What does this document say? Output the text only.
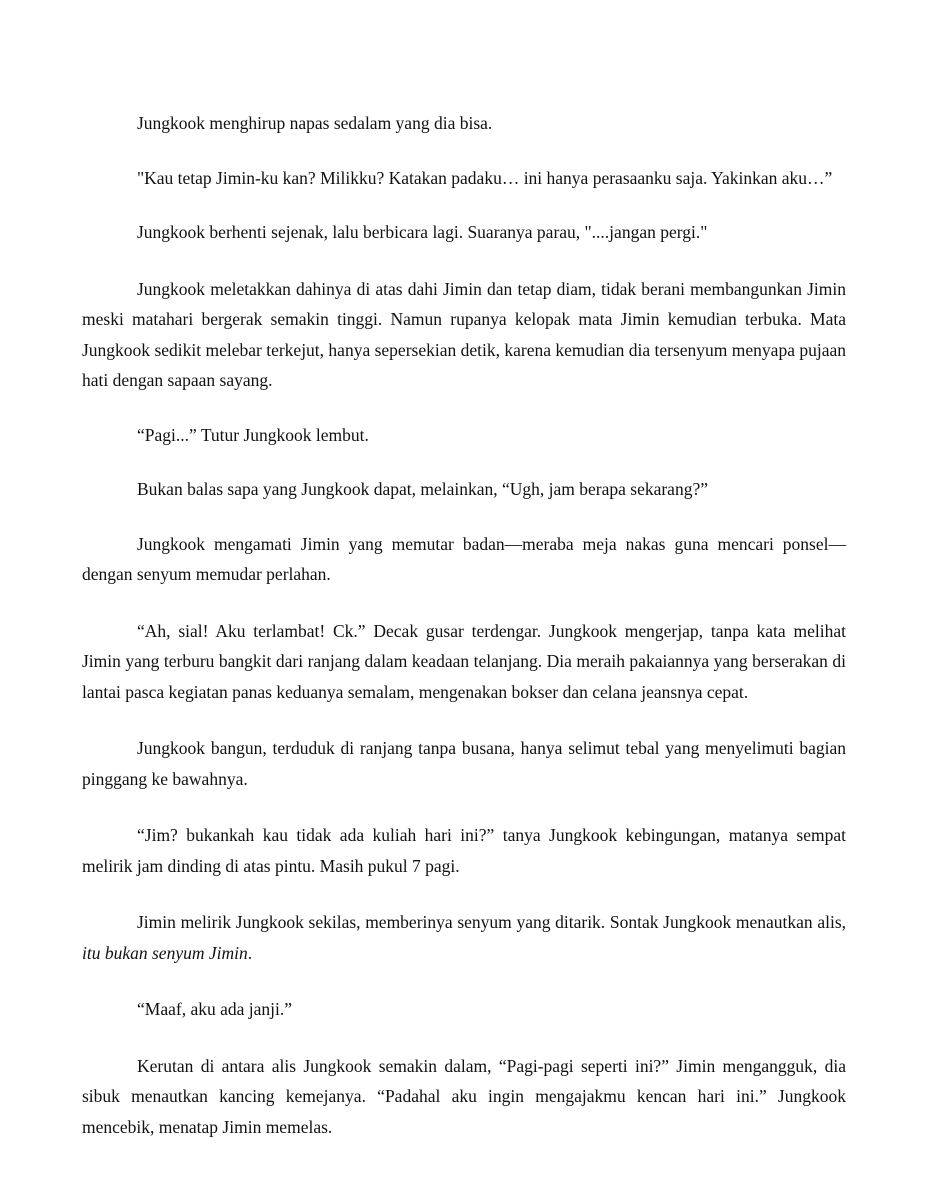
Jungkook menghirup napas sedalam yang dia bisa.

"Kau tetap Jimin-ku kan? Milikku? Katakan padaku… ini hanya perasaanku saja. Yakinkan aku…”

Jungkook berhenti sejenak, lalu berbicara lagi. Suaranya parau, "....jangan pergi."

Jungkook meletakkan dahinya di atas dahi Jimin dan tetap diam, tidak berani membangunkan Jimin meski matahari bergerak semakin tinggi. Namun rupanya kelopak mata Jimin kemudian terbuka. Mata Jungkook sedikit melebar terkejut, hanya sepersekian detik, karena kemudian dia tersenyum menyapa pujaan hati dengan sapaan sayang.

“Pagi...” Tutur Jungkook lembut.

Bukan balas sapa yang Jungkook dapat, melainkan, “Ugh, jam berapa sekarang?”

Jungkook mengamati Jimin yang memutar badan—meraba meja nakas guna mencari ponsel—dengan senyum memudar perlahan.

“Ah, sial! Aku terlambat! Ck.” Decak gusar terdengar. Jungkook mengerjap, tanpa kata melihat Jimin yang terburu bangkit dari ranjang dalam keadaan telanjang. Dia meraih pakaiannya yang berserakan di lantai pasca kegiatan panas keduanya semalam, mengenakan bokser dan celana jeansnya cepat.

Jungkook bangun, terduduk di ranjang tanpa busana, hanya selimut tebal yang menyelimuti bagian pinggang ke bawahnya.

“Jim? bukankah kau tidak ada kuliah hari ini?” tanya Jungkook kebingungan, matanya sempat melirik jam dinding di atas pintu. Masih pukul 7 pagi.

Jimin melirik Jungkook sekilas, memberinya senyum yang ditarik. Sontak Jungkook menautkan alis, itu bukan senyum Jimin.

“Maaf, aku ada janji.”

Kerutan di antara alis Jungkook semakin dalam, “Pagi-pagi seperti ini?” Jimin mengangguk, dia sibuk menautkan kancing kemejanya. “Padahal aku ingin mengajakmu kencan hari ini.” Jungkook mencebik, menatap Jimin memelas.
